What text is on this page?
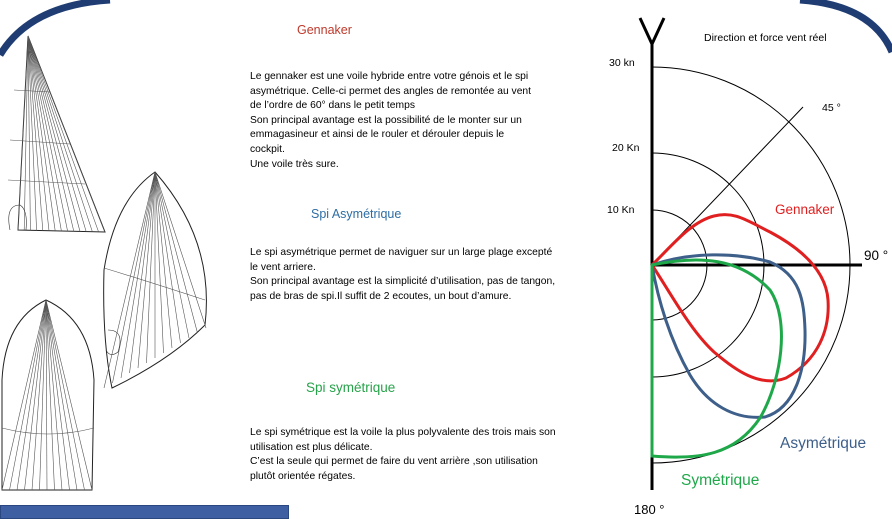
Gennaker
Le gennaker est une voile hybride entre votre génois et le spi
asymétrique. Celle-ci permet des angles de remontée au vent
de l’ordre de 60° dans le petit temps
Son principal avantage est la possibilité de le monter sur un
emmagasineur et ainsi de le rouler et dérouler depuis le
cockpit.
Une voile très sure.
Spi Asymétrique
Le spi asymétrique permet de naviguer sur un large plage excepté
le vent arriere.
Son principal avantage est la simplicité d’utilisation, pas de tangon,
pas de bras de spi.Il suffit de 2 ecoutes, un bout d’amure.
Spi symétrique
Le spi symétrique est la voile la plus polyvalente des trois mais son
utilisation est plus délicate.
C’est la seule qui permet de faire du vent arrière ,son utilisation
plutôt orientée régates.
Direction et force vent réel
30 kn
20 Kn
10 Kn
45 °
90 °
180 °
Gennaker
Asymétrique
Symétrique
